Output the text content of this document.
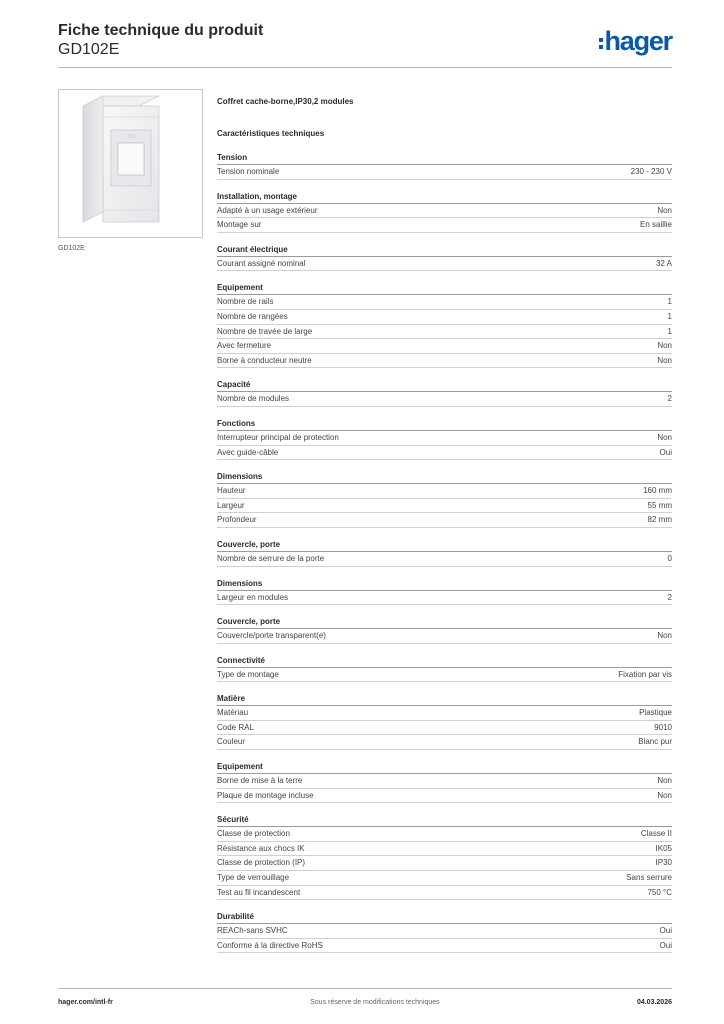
Fiche technique du produit
GD102E	hager
GD102E
Coffret cache-borne,IP30,2 modules
Caractéristiques techniques
Tension
Tension nominale	230 - 230 V
Installation, montage
Adapté à un usage extérieur	Non
Montage sur	En saillie
Courant électrique
Courant assigné nominal	32 A
Equipement
Nombre de rails	1
Nombre de rangées	1
Nombre de travée de large	1
Avec fermeture	Non
Borne à conducteur neutre	Non
Capacité
Nombre de modules	2
Fonctions
Interrupteur principal de protection	Non
Avec guide-câble	Oui
Dimensions
Hauteur	160 mm
Largeur	55 mm
Profondeur	82 mm
Couvercle, porte
Nombre de serrure de la porte	0
Dimensions
Largeur en modules	2
Couvercle, porte
Couvercle/porte transparent(e)	Non
Connectivité
Type de montage	Fixation par vis
Matière
Matériau	Plastique
Code RAL	9010
Couleur	Blanc pur
Equipement
Borne de mise à la terre	Non
Plaque de montage incluse	Non
Sécurité
Classe de protection	Classe II
Résistance aux chocs IK	IK05
Classe de protection (IP)	IP30
Type de verrouillage	Sans serrure
Test au fil incandescent	750 °C
Durabilité
REACh-sans SVHC	Oui
Conforme à la directive RoHS	Oui
hager.com/intl-fr	Sous réserve de modifications techniques	04.03.2026
